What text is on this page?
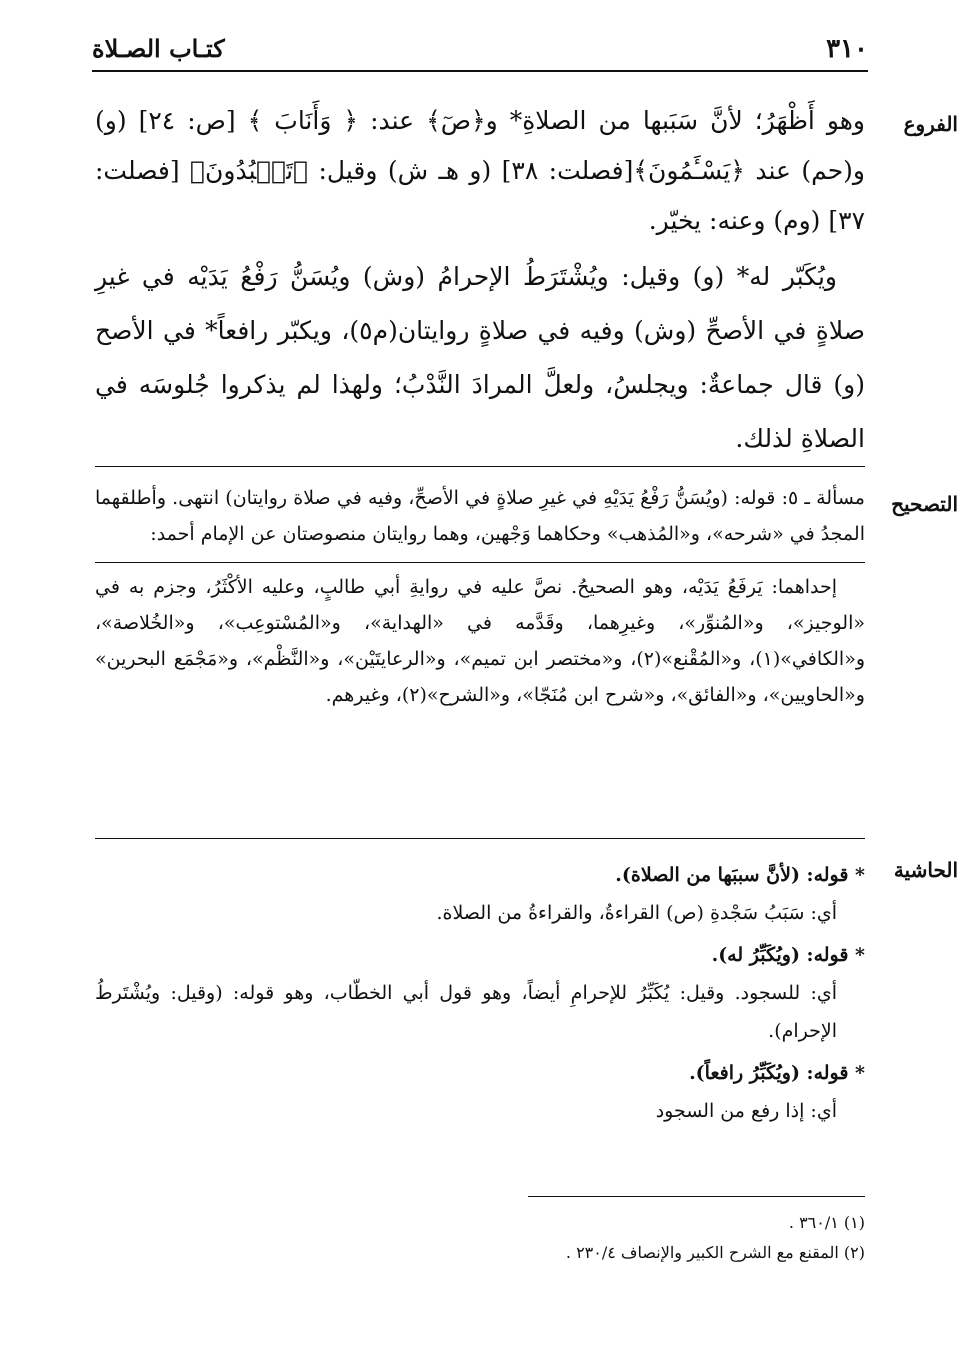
٣١٠
كتـاب الصـلاة
الفروع

وهو أَظْهَرُ؛ لأنَّ سَبَبها من الصلاةِ* و﴿صٓ﴾ عند: ﴿ وَأَنَابَ ﴾ [ص: ٢٤] (و) و(حم) عند ﴿يَسْـَٔمُونَ﴾[فصلت: ٣٨] (و هـ ش) وقيل: ﴿تَعۡبُدُونَ﴾ [فصلت: ٣٧] (وم) وعنه: يخيّر.

ويُكَبّر له* (و) وقيل: ويُشْتَرَطُ الإحرامُ (وش) ويُسَنُّ رَفْعُ يَدَيْه في غيرِ صلاةٍ في الأصحِّ (وش) وفيه في صلاةٍ روايتان(م٥)، ويكبّر رافعاً* في الأصح (و) قال جماعةٌ: ويجلسُ، ولعلَّ المرادَ النَّدْبُ؛ ولهذا لم يذكروا جُلوسَه في الصلاةِ لذلك.

التصحيح

مسألة ـ ٥: قوله: (ويُسَنُّ رَفْعُ يَدَيْهِ في غيرِ صلاةٍ في الأصحِّ، وفيه في صلاة روايتان) انتهى. وأطلقهما المجدُ في «شرحه»، و«المُذهب» وحكاهما وَجْهين، وهما روايتان منصوصتان عن الإمام أحمد:

إحداهما: يَرفَعُ يَدَيْه، وهو الصحيحُ. نصَّ عليه في روايةِ أبي طالبٍ، وعليه الأكْثَرُ، وجزم به في «الوجيز»، و«المُنوِّر»، وغيرِهما، وقَدَّمه في «الهداية»، و«المُسْتوعِب»، و«الخُلاصة»، و«الكافي»(١)، و«المُقْنع»(٢)، و«مختصر ابن تميم»، و«الرعايتَيْن»، و«النَّظْم»، و«مَجْمَع البحرين» و«الحاويين»، و«الفائق»، و«شرح ابن مُنَجّا»، و«الشرح»(٢)، وغيرهم.

الحاشية

* قوله: (لأنَّ سببَها من الصلاة).

أي: سَبَبُ سَجْدةِ (ص) القراءةُ، والقراءةُ من الصلاة.

* قوله: (ويُكَبِّرُ له).

أي: للسجود. وقيل: يُكَبِّرُ للإحرامِ أيضاً، وهو قول أبي الخطّاب، وهو قوله: (وقيل: ويُشْتَرطُ الإحرام).

* قوله: (ويُكَبِّرُ رافعاً).

أي: إذا رفع من السجود

(١) ٣٦٠/١ .
(٢) المقنع مع الشرح الكبير والإنصاف ٢٣٠/٤ .
